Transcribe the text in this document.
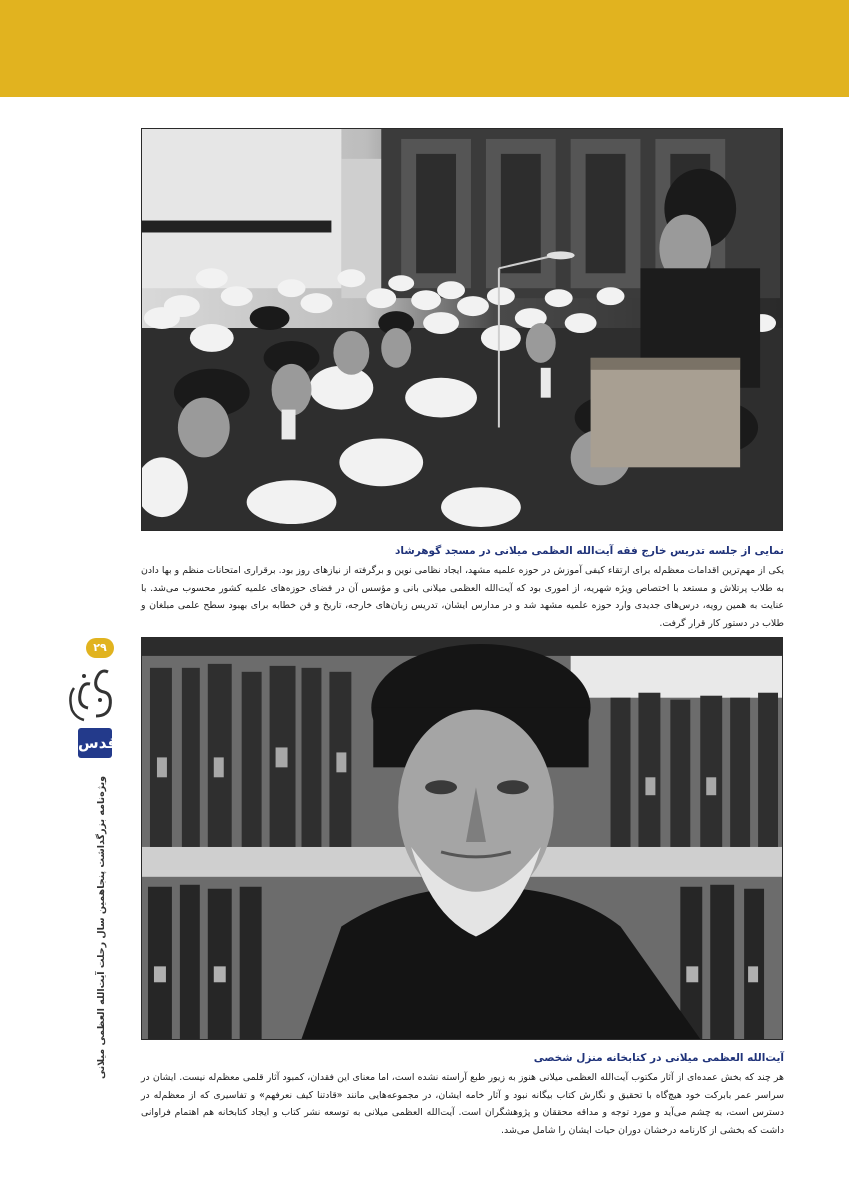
نمایی از جلسه تدریس خارج فقه آیت‌الله العظمی میلانی در مسجد گوهرشاد

یکی از مهم‌ترین اقدامات معظم‌له برای ارتقاء کیفی آموزش در حوزه علمیه مشهد، ایجاد نظامی نوین و برگرفته از نیازهای روز بود. برقراری امتحانات منظم و بها دادن به طلاب پرتلاش و مستعد با اختصاص ویژه شهریه، از اموری بود که آیت‌الله العظمی میلانی بانی و مؤسس آن در فضای حوزه‌های علمیه کشور محسوب می‌شد. با عنایت به همین رویه، درس‌های جدیدی وارد حوزه علمیه مشهد شد و در مدارس ایشان، تدریس زبان‌های خارجه، تاریخ و فن خطابه برای بهبود سطح علمی مبلغان و طلاب در دستور کار قرار گرفت.

آیت‌الله العظمی میلانی در کتابخانه منزل شخصی

هر چند که بخش عمده‌ای از آثار مکتوب آیت‌الله العظمی میلانی هنوز به زیور طبع آراسته نشده است، اما معنای این فقدان، کمبود آثار قلمی معظم‌له نیست. ایشان در سراسر عمر بابرکت خود هیچ‌گاه با تحقیق و نگارش کتاب بیگانه نبود و آثار خامه ایشان، در مجموعه‌هایی مانند «قادتنا کیف نعرفهم» و تفاسیری که از معظم‌له در دسترس است، به چشم می‌آید و مورد توجه و مداقه محققان و پژوهشگران است. آیت‌الله العظمی میلانی به توسعه نشر کتاب و ایجاد کتابخانه هم اهتمام فراوانی داشت که بخشی از کارنامه درخشان دوران حیات ایشان را شامل می‌شد.

۲۹
قدس
ویژه‌نامه بزرگداشت پنجاهمین سال رحلت آیت‌الله العظمی میلانی
